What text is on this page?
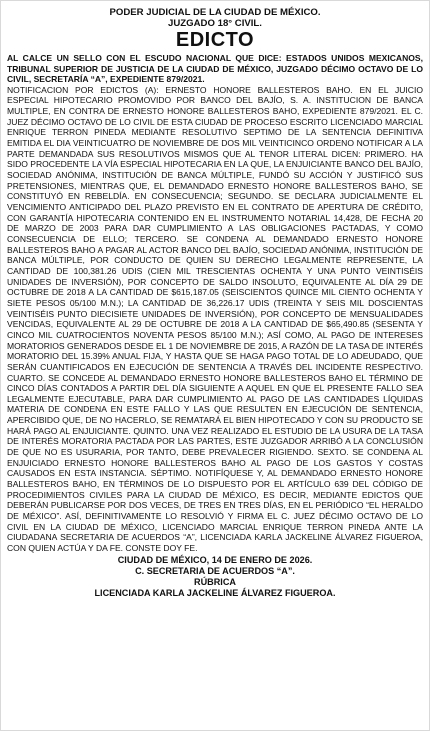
PODER JUDICIAL DE LA CIUDAD DE MÉXICO.
JUZGADO 18° CIVIL.
EDICTO

AL CALCE UN SELLO CON EL ESCUDO NACIONAL QUE DICE: ESTADOS UNIDOS MEXICANOS, TRIBUNAL SUPERIOR DE JUSTICIA DE LA CIUDAD DE MÉXICO, JUZGADO DÉCIMO OCTAVO DE LO CIVIL, SECRETARÍA “A”, EXPEDIENTE 879/2021.

NOTIFICACION POR EDICTOS (A): ERNESTO HONORE BALLESTEROS BAHO. EN EL JUICIO ESPECIAL HIPOTECARIO PROMOVIDO POR BANCO DEL BAJÍO, S. A. INSTITUCION DE BANCA MULTIPLE, EN CONTRA DE ERNESTO HONORE BALLESTEROS BAHO, EXPEDIENTE 879/2021. EL C. JUEZ DÉCIMO OCTAVO DE LO CIVIL DE ESTA CIUDAD DE PROCESO ESCRITO LICENCIADO MARCIAL ENRIQUE TERRON PINEDA MEDIANTE RESOLUTIVO SEPTIMO DE LA SENTENCIA DEFINITIVA EMITIDA EL DIA VEINTICUATRO DE NOVIEMBRE DE DOS MIL VEINTICINCO ORDENO NOTIFICAR A LA PARTE DEMANDADA SUS RESOLUTIVOS MISMOS QUE AL TENOR LITERAL DICEN: PRIMERO. HA SIDO PROCEDENTE LA VÍA ESPECIAL HIPOTECARIA EN LA QUE, LA ENJUICIANTE BANCO DEL BAJÍO, SOCIEDAD ANÓNIMA, INSTITUCIÓN DE BANCA MÚLTIPLE, FUNDÓ SU ACCIÓN Y JUSTIFICÓ SUS PRETENSIONES, MIENTRAS QUE, EL DEMANDADO ERNESTO HONORE BALLESTEROS BAHO, SE CONSTITUYÓ EN REBELDÍA. EN CONSECUENCIA; SEGUNDO. SE DECLARA JUDICIALMENTE EL VENCIMIENTO ANTICIPADO DEL PLAZO PREVISTO EN EL CONTRATO DE APERTURA DE CRÉDITO, CON GARANTÍA HIPOTECARIA CONTENIDO EN EL INSTRUMENTO NOTARIAL 14,428, DE FECHA 20 DE MARZO DE 2003 PARA DAR CUMPLIMIENTO A LAS OBLIGACIONES PACTADAS, Y COMO CONSECUENCIA DE ELLO; TERCERO. SE CONDENA AL DEMANDADO ERNESTO HONORE BALLESTEROS BAHO A PAGAR AL ACTOR BANCO DEL BAJÍO, SOCIEDAD ANÓNIMA, INSTITUCIÓN DE BANCA MÚLTIPLE, POR CONDUCTO DE QUIEN SU DERECHO LEGALMENTE REPRESENTE, LA CANTIDAD DE 100,381.26 UDIS (CIEN MIL TRESCIENTAS OCHENTA Y UNA PUNTO VEINTISÉIS UNIDADES DE INVERSIÓN), POR CONCEPTO DE SALDO INSOLUTO, EQUIVALENTE AL DÍA 29 DE OCTUBRE DE 2018 A LA CANTIDAD DE $615,187.05 (SEISCIENTOS QUINCE MIL CIENTO OCHENTA Y SIETE PESOS 05/100 M.N.); LA CANTIDAD DE 36,226.17 UDIS (TREINTA Y SEIS MIL DOSCIENTAS VEINTISÉIS PUNTO DIECISIETE UNIDADES DE INVERSIÓN), POR CONCEPTO DE MENSUALIDADES VENCIDAS, EQUIVALENTE AL 29 DE OCTUBRE DE 2018 A LA CANTIDAD DE $65,490.85 (SESENTA Y CINCO MIL CUATROCIENTOS NOVENTA PESOS 85/100 M.N.); ASÍ COMO, AL PAGO DE INTERESES MORATORIOS GENERADOS DESDE EL 1 DE NOVIEMBRE DE 2015, A RAZÓN DE LA TASA DE INTERÉS MORATORIO DEL 15.39% ANUAL FIJA, Y HASTA QUE SE HAGA PAGO TOTAL DE LO ADEUDADO, QUE SERÁN CUANTIFICADOS EN EJECUCIÓN DE SENTENCIA A TRAVÉS DEL INCIDENTE RESPECTIVO. CUARTO. SE CONCEDE AL DEMANDADO ERNESTO HONORE BALLESTEROS BAHO EL TÉRMINO DE CINCO DÍAS CONTADOS A PARTIR DEL DÍA SIGUIENTE A AQUEL EN QUE EL PRESENTE FALLO SEA LEGALMENTE EJECUTABLE, PARA DAR CUMPLIMIENTO AL PAGO DE LAS CANTIDADES LÍQUIDAS MATERIA DE CONDENA EN ESTE FALLO Y LAS QUE RESULTEN EN EJECUCIÓN DE SENTENCIA, APERCIBIDO QUE, DE NO HACERLO, SE REMATARÁ EL BIEN HIPOTECADO Y CON SU PRODUCTO SE HARÁ PAGO AL ENJUICIANTE. QUINTO. UNA VEZ REALIZADO EL ESTUDIO DE LA USURA DE LA TASA DE INTERÉS MORATORIA PACTADA POR LAS PARTES, ESTE JUZGADOR ARRIBÓ A LA CONCLUSIÓN DE QUE NO ES USURARIA, POR TANTO, DEBE PREVALECER RIGIENDO. SEXTO. SE CONDENA AL ENJUICIADO ERNESTO HONORE BALLESTEROS BAHO AL PAGO DE LOS GASTOS Y COSTAS CAUSADOS EN ESTA INSTANCIA. SÉPTIMO. NOTIFÍQUESE Y, AL DEMANDADO ERNESTO HONORE BALLESTEROS BAHO, EN TÉRMINOS DE LO DISPUESTO POR EL ARTÍCULO 639 DEL CÓDIGO DE PROCEDIMIENTOS CIVILES PARA LA CIUDAD DE MÉXICO, ES DECIR, MEDIANTE EDICTOS QUE DEBERÁN PUBLICARSE POR DOS VECES, DE TRES EN TRES DÍAS, EN EL PERIÓDICO “EL HERALDO DE MÉXICO”. ASÍ, DEFINITIVAMENTE LO RESOLVIÓ Y FIRMA EL C. JUEZ DÉCIMO OCTAVO DE LO CIVIL EN LA CIUDAD DE MÉXICO, LICENCIADO MARCIAL ENRIQUE TERRON PINEDA ANTE LA CIUDADANA SECRETARIA DE ACUERDOS “A”, LICENCIADA KARLA JACKELINE ÁLVAREZ FIGUEROA, CON QUIEN ACTÚA Y DA FE. CONSTE DOY FE.

CIUDAD DE MÉXICO, 14 DE ENERO DE 2026.
C. SECRETARIA DE ACUERDOS “A”.
RÚBRICA
LICENCIADA KARLA JACKELINE ÁLVAREZ FIGUEROA.
